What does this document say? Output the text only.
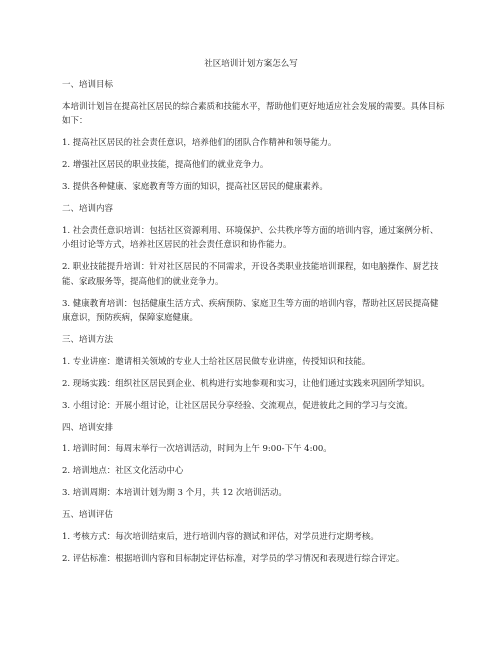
社区培训计划方案怎么写

一、培训目标

本培训计划旨在提高社区居民的综合素质和技能水平，帮助他们更好地适应社会发展的需要。具体目标如下：

1. 提高社区居民的社会责任意识，培养他们的团队合作精神和领导能力。

2. 增强社区居民的职业技能，提高他们的就业竞争力。

3. 提供各种健康、家庭教育等方面的知识，提高社区居民的健康素养。

二、培训内容

1. 社会责任意识培训：包括社区资源利用、环境保护、公共秩序等方面的培训内容，通过案例分析、小组讨论等方式，培养社区居民的社会责任意识和协作能力。

2. 职业技能提升培训：针对社区居民的不同需求，开设各类职业技能培训课程，如电脑操作、厨艺技能、家政服务等，提高他们的就业竞争力。

3. 健康教育培训：包括健康生活方式、疾病预防、家庭卫生等方面的培训内容，帮助社区居民提高健康意识，预防疾病，保障家庭健康。

三、培训方法

1. 专业讲座：邀请相关领域的专业人士给社区居民做专业讲座，传授知识和技能。

2. 现场实践：组织社区居民到企业、机构进行实地参观和实习，让他们通过实践来巩固所学知识。

3. 小组讨论：开展小组讨论，让社区居民分享经验、交流观点，促进彼此之间的学习与交流。

四、培训安排

1. 培训时间：每周末举行一次培训活动，时间为上午 9:00-下午 4:00。

2. 培训地点：社区文化活动中心

3. 培训周期：本培训计划为期 3 个月，共 12 次培训活动。

五、培训评估

1. 考核方式：每次培训结束后，进行培训内容的测试和评估，对学员进行定期考核。

2. 评估标准：根据培训内容和目标制定评估标准，对学员的学习情况和表现进行综合评定。
